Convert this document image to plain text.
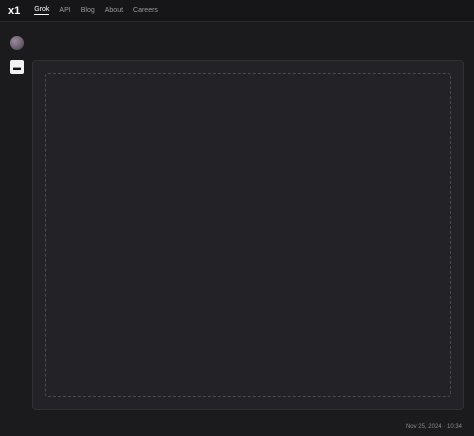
x1 Grok API Blog About Careers
▬
Nov 25, 2024 · 10:34
